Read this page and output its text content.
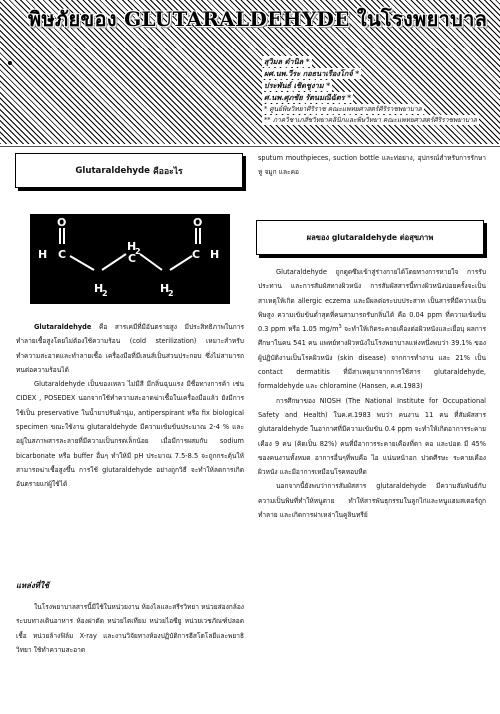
พิษภัยของ GLUTARALDEHYDE ในโรงพยาบาล
สุวิมล ดำนิล *
ผศ.นพ.วีระ กอธนาเรืองโกจ์ *
ประพันธ์ เชิดชูงาม *
ศ.นพ.ศุภชัย รัตนมณีฉัตร *
* ศูนย์พิษวิทยาศิริราช คณะแพทยศาสตร์ศิริราชพยาบาล
** ภาควิชาเภสัชวิทยาคลินิกและพิษวิทยา คณะแพทยศาสตร์ศิริราชพยาบาล
Glutaraldehyde
คืออะไร
O	O
H C
H
2
C
H
2	H
2
C H

Glutaraldehyde คือ สารเคมีที่มีอันตรายสูง มีประสิทธิภาพในการทำลายเชื้อสูงโดยไม่ต้องใช้ความร้อน (cold sterilization) เหมาะสำหรับทำความสะอาดและทำลายเชื้อ เครื่องมือที่มีเลนส์เป็นส่วนประกอบ ซึ่งไม่สามารถทนต่อความร้อนได้

Glutaraldehyde เป็นของเหลว ไม่มีสี มีกลิ่นฉุนแรง มีชื่อทางการค้า เช่น CIDEX , POSEDEX นอกจากใช้ทำความสะอาดฆ่าเชื้อในเครื่องมือแล้ว ยังมีการใช้เป็น preservative ในน้ำยาปรับผ้านุ่ม, antiperspirant หรือ fix biological specimen ขณะใช้งาน glutaraldehyde มีความเข้มข้นประมาณ 2-4 % และอยู่ในสภาพสารละลายที่มีความเป็นกรดเล็กน้อย เมื่อมีการผสมกับ sodium bicarbonate หรือ buffer อื่นๆ ทำให้มี pH ประมาณ 7.5-8.5 จะถูกกระตุ้นให้สามารถฆ่าเชื้อสูงขึ้น การใช้ glutaraldehyde อย่างถูกวิธี จะทำให้ลดการเกิดอันตรายแก่ผู้ใช้ได้

แหล่งที่ใช้

ในโรงพยาบาลสารนี้มีใช้ในหน่วยงาน ห้องไลและสรีรวิทยา หน่วยส่องกล้องระบบทางเดินอาหาร ห้องผ่าตัด หน่วยไตเทียม หน่วยไอซียู หน่วยเวชภัณฑ์ปลอดเชื้อ หน่วยล้างฟิล์ม X-ray และงานวิจัยทางห้องปฏิบัติการฮีสโตโลยีและพยาธิวิทยา ใช้ทำความสะอาด

sputum mouthpieces, suction bottle และท่อยาง, อุปกรณ์สำหรับการรักษา หู จมูก และคอ

ผลของ
glutaraldehyde
ต่อสุขภาพ

Glutaraldehyde ถูกดูดซึมเข้าสู่ร่างกายได้โดยทางการหายใจ การรับประทาน และการสัมผัสทางผิวหนัง การสัมผัสสารนี้ทางผิวหนังบ่อยครั้งจะเป็นสาเหตุให้เกิด allergic eczema และมีผลต่อระบบประสาท เป็นสารที่มีความเป็นพิษสูง ความเข้มข้นต่ำสุดที่คนสามารถรับกลิ่นได้ คือ 0.04 ppm ที่ความเข้มข้น 0.3 ppm หรือ 1.05 $mg/m^3$ จะทำให้เกิดระคายเคืองต่อผิวหนังและเยื่อบุ ผลการศึกษาในคน 541 คน แพทย์ทางผิวหนังในโรงพยาบาลแห่งหนึ่งพบว่า 39.1% ของผู้ปฏิบัติงานเป็นโรคผิวหนัง (skin disease) จากการทำงาน และ 21% เป็น contact dermatitis ที่มีสาเหตุมาจากการใช้สาร glutaraldehyde, formaldehyde และ chloramine (Hansen, ค.ศ.1983)

การศึกษาของ NIOSH (The National Institute for Occupational Safety and Health) ในค.ศ.1983 พบว่า คนงาน 11 คน ที่สัมผัสสาร glutaraldehyde ในอากาศที่มีความเข้มข้น 0.4 ppm จะทำให้เกิดอาการระคายเคือง 9 คน (คิดเป็น 82%) คนที่มีอาการระคายเคืองที่ตา คอ และปอด มี 45% ของคนงานทั้งหมด อาการอื่นๆที่พบคือ ไอ แน่นหน้าอก ปวดศีรษะ ระคายเคืองผิวหนัง และมีอาการเหมือนโรคหอบหืด

นอกจากนี้ยังพบว่าการสัมผัสสาร glutaraldehyde มีความสัมพันธ์กับความเป็นพิษที่ทำให้หนูตาย ทำให้สารพันธุกรรมในลูกไก่และหนูแฮมสเตอร์ถูกทำลาย และเกิดการผ่าเหล่าในคูลินทรีย์
